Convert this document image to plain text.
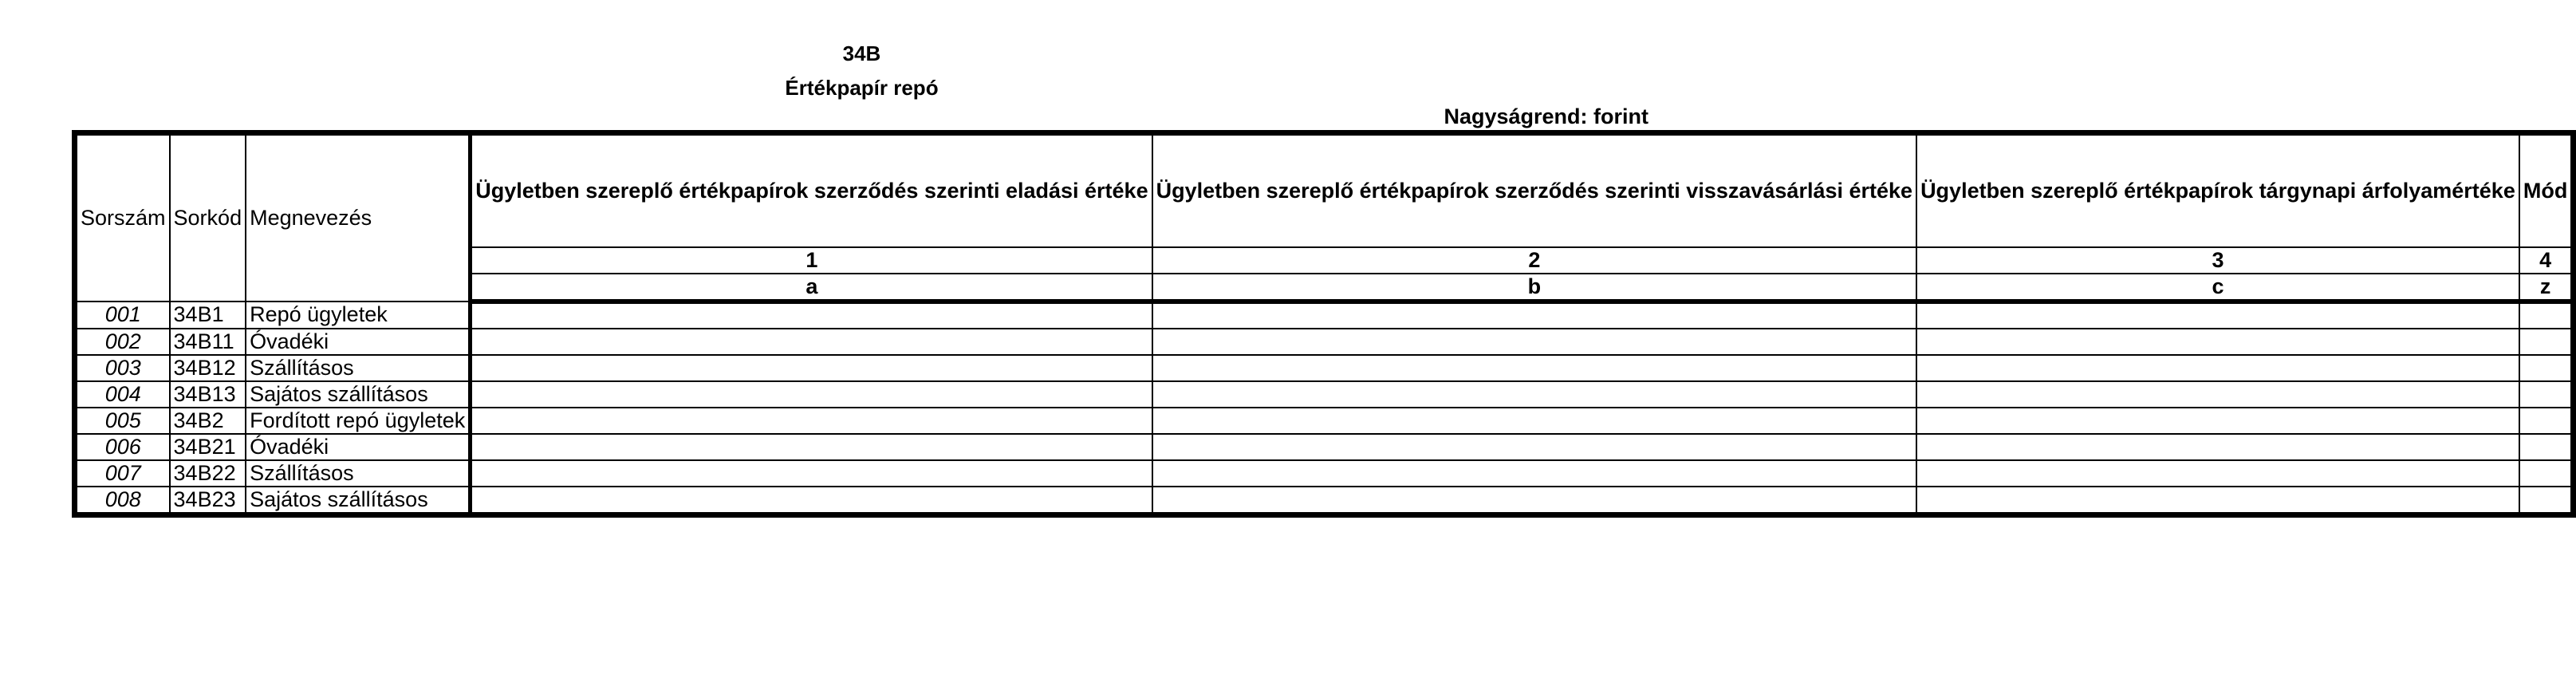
34B
Értékpapír repó
Nagyságrend: forint
Sorszám	Sorkód	Megnevezés	Ügyletben szereplő értékpapírok szerződés szerinti eladási értéke	Ügyletben szereplő értékpapírok szerződés szerinti visszavásárlási értéke	Ügyletben szereplő értékpapírok tárgynapi árfolyamértéke	Mód
			1	2	3	4
			a	b	c	z
001	34B1	Repó ügyletek				
002	34B11	Óvadéki				
003	34B12	Szállításos				
004	34B13	Sajátos szállításos				
005	34B2	Fordított repó ügyletek				
006	34B21	Óvadéki				
007	34B22	Szállításos				
008	34B23	Sajátos szállításos				
